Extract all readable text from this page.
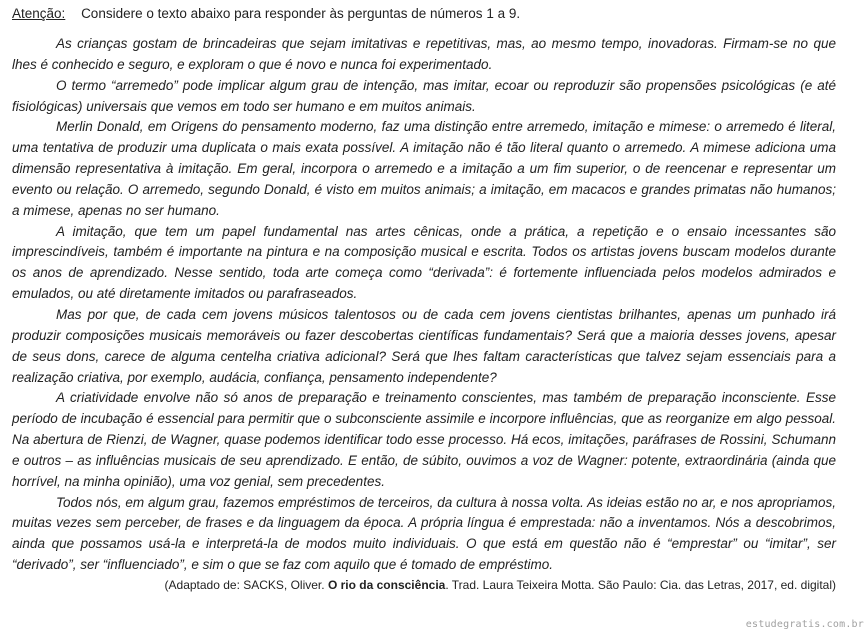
Atenção: Considere o texto abaixo para responder às perguntas de números 1 a 9.

As crianças gostam de brincadeiras que sejam imitativas e repetitivas, mas, ao mesmo tempo, inovadoras. Firmam-se no que lhes é conhecido e seguro, e exploram o que é novo e nunca foi experimentado.

O termo “arremedo” pode implicar algum grau de intenção, mas imitar, ecoar ou reproduzir são propensões psicológicas (e até fisiológicas) universais que vemos em todo ser humano e em muitos animais.

Merlin Donald, em Origens do pensamento moderno, faz uma distinção entre arremedo, imitação e mimese: o arremedo é literal, uma tentativa de produzir uma duplicata o mais exata possível. A imitação não é tão literal quanto o arremedo. A mimese adiciona uma dimensão representativa à imitação. Em geral, incorpora o arremedo e a imitação a um fim superior, o de reencenar e representar um evento ou relação. O arremedo, segundo Donald, é visto em muitos animais; a imitação, em macacos e grandes primatas não humanos; a mimese, apenas no ser humano.

A imitação, que tem um papel fundamental nas artes cênicas, onde a prática, a repetição e o ensaio incessantes são imprescindíveis, também é importante na pintura e na composição musical e escrita. Todos os artistas jovens buscam modelos durante os anos de aprendizado. Nesse sentido, toda arte começa como “derivada”: é fortemente influenciada pelos modelos admirados e emulados, ou até diretamente imitados ou parafraseados.

Mas por que, de cada cem jovens músicos talentosos ou de cada cem jovens cientistas brilhantes, apenas um punhado irá produzir composições musicais memoráveis ou fazer descobertas científicas fundamentais? Será que a maioria desses jovens, apesar de seus dons, carece de alguma centelha criativa adicional? Será que lhes faltam características que talvez sejam essenciais para a realização criativa, por exemplo, audácia, confiança, pensamento independente?

A criatividade envolve não só anos de preparação e treinamento conscientes, mas também de preparação inconsciente. Esse período de incubação é essencial para permitir que o subconsciente assimile e incorpore influências, que as reorganize em algo pessoal. Na abertura de Rienzi, de Wagner, quase podemos identificar todo esse processo. Há ecos, imitações, paráfrases de Rossini, Schumann e outros – as influências musicais de seu aprendizado. E então, de súbito, ouvimos a voz de Wagner: potente, extraordinária (ainda que horrível, na minha opinião), uma voz genial, sem precedentes.

Todos nós, em algum grau, fazemos empréstimos de terceiros, da cultura à nossa volta. As ideias estão no ar, e nos apropriamos, muitas vezes sem perceber, de frases e da linguagem da época. A própria língua é emprestada: não a inventamos. Nós a descobrimos, ainda que possamos usá-la e interpretá-la de modos muito individuais. O que está em questão não é “emprestar” ou “imitar”, ser “derivado”, ser “influenciado”, e sim o que se faz com aquilo que é tomado de empréstimo.

(Adaptado de: SACKS, Oliver. O rio da consciência. Trad. Laura Teixeira Motta. São Paulo: Cia. das Letras, 2017, ed. digital)
estudegratis.com.br
